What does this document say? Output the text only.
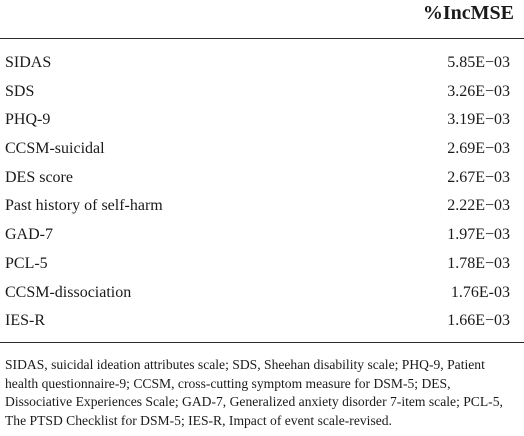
%IncMSE
SIDAS	5.85E−03
SDS	3.26E−03
PHQ-9	3.19E−03
CCSM-suicidal	2.69E−03
DES score	2.67E−03
Past history of self-harm	2.22E−03
GAD-7	1.97E−03
PCL-5	1.78E−03
CCSM-dissociation	1.76E-03
IES-R	1.66E−03
SIDAS, suicidal ideation attributes scale; SDS, Sheehan disability scale; PHQ-9, Patient health questionnaire-9; CCSM, cross-cutting symptom measure for DSM-5; DES, Dissociative Experiences Scale; GAD-7, Generalized anxiety disorder 7-item scale; PCL-5, The PTSD Checklist for DSM-5; IES-R, Impact of event scale-revised.
